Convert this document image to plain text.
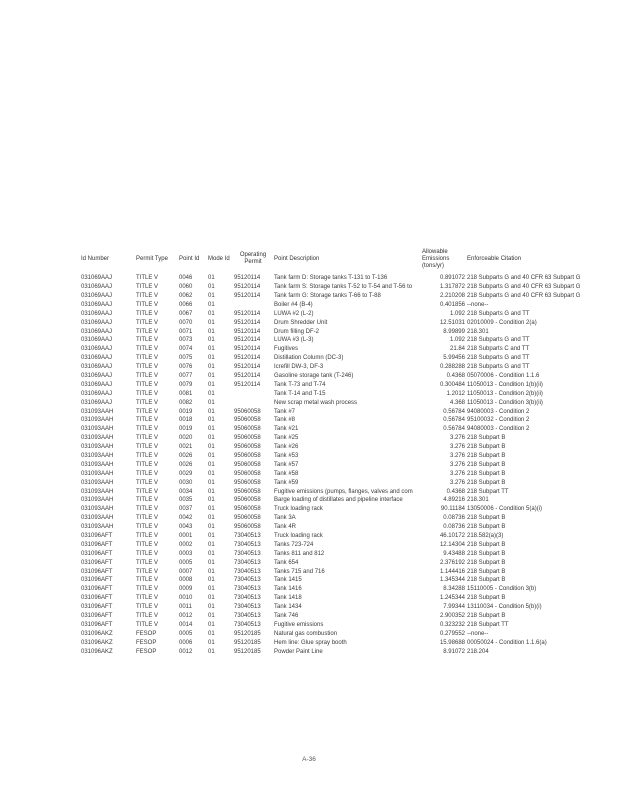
Id Number	Permit Type	Point Id	Mode Id	Operating Permit	Point Description	Allowable Emissions (tons/yr)	Enforceable Citation
031069AAJ	TITLE V	0046	01	95120114	Tank farm D: Storage tanks T-131 to T-136	0.891072	218 Subparts G and 40 CFR 63 Subpart G
031069AAJ	TITLE V	0060	01	95120114	Tank farm S: Storage tanks T-52 to T-54 and T-56 to	1.317872	218 Subparts G and 40 CFR 63 Subpart G
031069AAJ	TITLE V	0062	01	95120114	Tank farm G: Storage tanks T-66 to T-88	2.210208	218 Subparts G and 40 CFR 63 Subpart G
031069AAJ	TITLE V	0066	01		Boiler #4 (B-4)	0.401856	--none--
031069AAJ	TITLE V	0067	01	95120114	LUWA #2 (L-2)	1.092	218 Subparts G and TT
031069AAJ	TITLE V	0070	01	95120114	Drum Shredder Unit	12.51031	02010009 - Condition 2(a)
031069AAJ	TITLE V	0071	01	95120114	Drum filling DF-2	8.99899	218.301
031069AAJ	TITLE V	0073	01	95120114	LUWA #3 (L-3)	1.092	218 Subparts G and TT
031069AAJ	TITLE V	0074	01	95120114	Fugitives	21.84	218 Subparts C and TT
031069AAJ	TITLE V	0075	01	95120114	Distillation Column (DC-3)	5.99456	218 Subparts G and TT
031069AAJ	TITLE V	0076	01	95120114	Icrefill DW-3, DF-3	0.288288	218 Subparts G and TT
031069AAJ	TITLE V	0077	01	95120114	Gasoline storage tank (T-246)	0.4368	05070006 - Condition 1.1.6
031069AAJ	TITLE V	0079	01	95120114	Tank T-73 and T-74	0.300484	11050013 - Condition 1(b)(ii)
031069AAJ	TITLE V	0081	01		Tank T-14 and T-15	1.2012	11050013 - Condition 2(b)(ii)
031069AAJ	TITLE V	0082	01		New scrap metal wash process	4.368	11050013 - Condition 3(b)(ii)
031093AAH	TITLE V	0019	01	95060058	Tank #7	0.56784	94080003 - Condition 2
031093AAH	TITLE V	0018	01	95060058	Tank #8	0.56784	95100032 - Condition 2
031093AAH	TITLE V	0019	01	95060058	Tank #21	0.56784	94080003 - Condition 2
031093AAH	TITLE V	0020	01	95060058	Tank #25	3.276	218 Subpart B
031093AAH	TITLE V	0021	01	95060058	Tank #26	3.276	218 Subpart B
031093AAH	TITLE V	0026	01	95060058	Tank #53	3.276	218 Subpart B
031093AAH	TITLE V	0026	01	95060058	Tank #57	3.276	218 Subpart B
031093AAH	TITLE V	0029	01	95060058	Tank #58	3.276	218 Subpart B
031093AAH	TITLE V	0030	01	95060058	Tank #59	3.276	218 Subpart B
031093AAH	TITLE V	0034	01	95060058	Fugitive emissions (pumps, flanges, valves and com	0.4368	218 Subpart TT
031093AAH	TITLE V	0035	01	95060058	Barge loading of distillates and pipeline interface	4.89216	218.301
031093AAH	TITLE V	0037	01	95060058	Truck loading rack	90.11184	13050006 - Condition 5(a)(i)
031093AAH	TITLE V	0042	01	95060058	Tank 3A	0.08736	218 Subpart B
031093AAH	TITLE V	0043	01	95060058	Tank 4R	0.08736	218 Subpart B
031096AFT	TITLE V	0001	01	73040513	Truck loading rack	46.10172	218.582(a)(3)
031096AFT	TITLE V	0002	01	73040513	Tanks 723-724	12.14304	218 Subpart B
031096AFT	TITLE V	0003	01	73040513	Tanks 811 and 812	9.43488	218 Subpart B
031096AFT	TITLE V	0005	01	73040513	Tank 654	2.376192	218 Subpart B
031096AFT	TITLE V	0007	01	73040513	Tanks 715 and 716	1.144416	218 Subpart B
031096AFT	TITLE V	0008	01	73040513	Tank 1415	1.345344	218 Subpart B
031096AFT	TITLE V	0009	01	73040513	Tank 1416	8.34288	15110005 - Condition 3(b)
031096AFT	TITLE V	0010	01	73040513	Tank 1418	1.245344	218 Subpart B
031096AFT	TITLE V	0011	01	73040513	Tank 1434	7.99344	13110034 - Condition 5(b)(i)
031096AFT	TITLE V	0012	01	73040513	Tank 746	2.900352	218 Subpart B
031096AFT	TITLE V	0014	01	73040513	Fugitive emissions	0.323232	218 Subpart TT
031096AKZ	FESOP	0005	01	95120185	Natural gas combustion	0.279552	--none--
031096AKZ	FESOP	0006	01	95120185	Hem line: Glue spray booth	15.98688	00050024 - Condition 1.1.6(a)
031096AKZ	FESOP	0012	01	95120185	Powder Paint Line	8.91072	218.204
A-36
